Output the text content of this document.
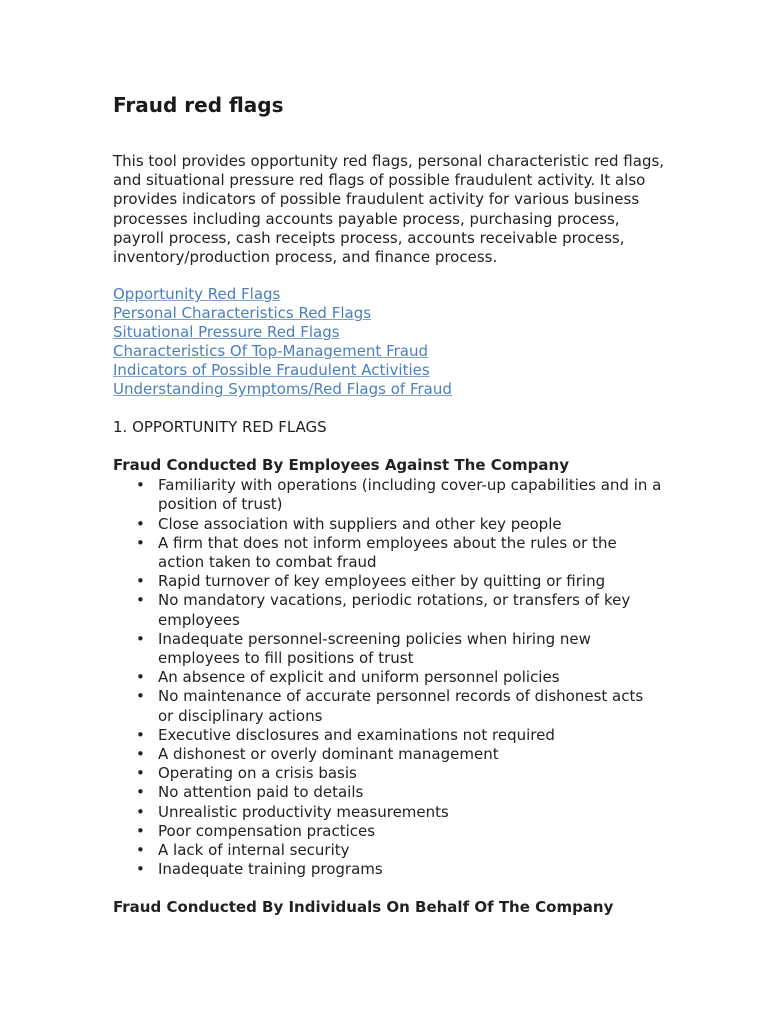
Fraud red flags

This tool provides opportunity red flags, personal characteristic red flags, and situational pressure red flags of possible fraudulent activity. It also provides indicators of possible fraudulent activity for various business processes including accounts payable process, purchasing process, payroll process, cash receipts process, accounts receivable process, inventory/production process, and finance process.

Opportunity Red Flags
Personal Characteristics Red Flags
Situational Pressure Red Flags
Characteristics Of Top-Management Fraud
Indicators of Possible Fraudulent Activities
Understanding Symptoms/Red Flags of Fraud
1. OPPORTUNITY RED FLAGS
Fraud Conducted By Employees Against The Company
• Familiarity with operations (including cover-up capabilities and in a position of trust)
• Close association with suppliers and other key people
• A firm that does not inform employees about the rules or the action taken to combat fraud
• Rapid turnover of key employees either by quitting or firing
• No mandatory vacations, periodic rotations, or transfers of key employees
• Inadequate personnel-screening policies when hiring new employees to fill positions of trust
• An absence of explicit and uniform personnel policies
• No maintenance of accurate personnel records of dishonest acts or disciplinary actions
• Executive disclosures and examinations not required
• A dishonest or overly dominant management
• Operating on a crisis basis
• No attention paid to details
• Unrealistic productivity measurements
• Poor compensation practices
• A lack of internal security
• Inadequate training programs
Fraud Conducted By Individuals On Behalf Of The Company
